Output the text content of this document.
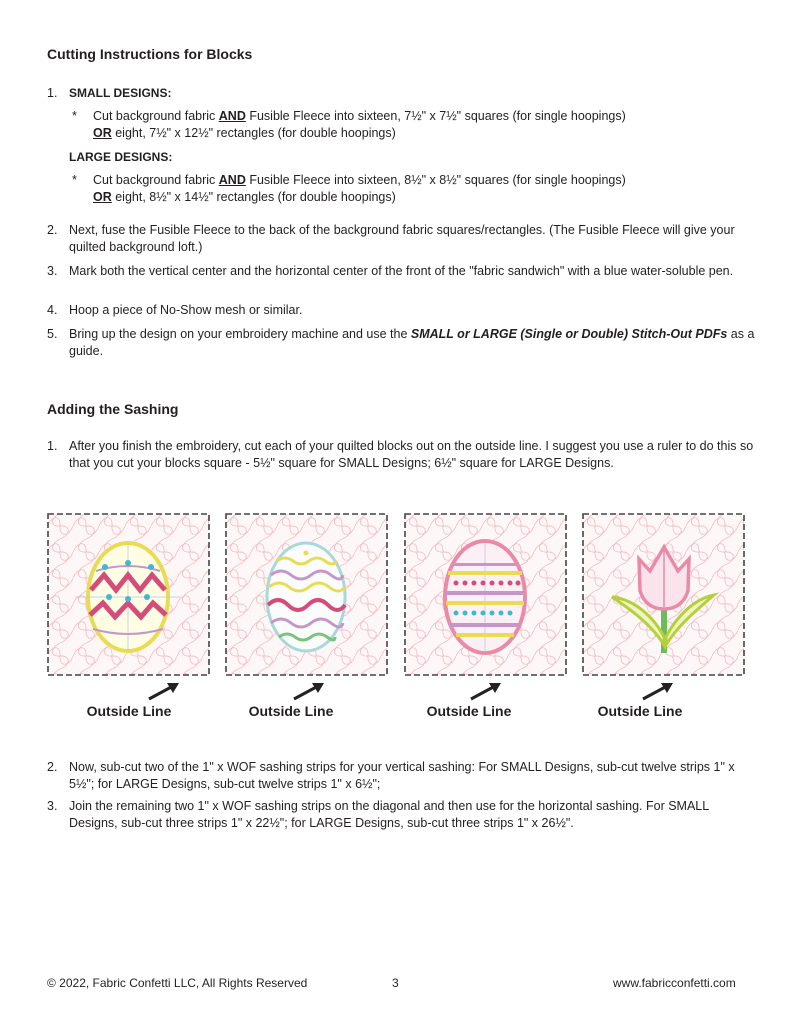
Cutting Instructions for Blocks
1. SMALL DESIGNS:
* Cut background fabric AND Fusible Fleece into sixteen, 7½" x 7½" squares (for single hoopings)
OR eight, 7½" x 12½" rectangles (for double hoopings)
LARGE DESIGNS:
* Cut background fabric AND Fusible Fleece into sixteen, 8½" x 8½" squares (for single hoopings)
OR eight, 8½" x 14½" rectangles (for double hoopings)
2. Next, fuse the Fusible Fleece to the back of the background fabric squares/rectangles. (The Fusible Fleece will give your quilted background loft.)
3. Mark both the vertical center and the horizontal center of the front of the "fabric sandwich" with a blue water-soluble pen.
4. Hoop a piece of No-Show mesh or similar.
5. Bring up the design on your embroidery machine and use the SMALL or LARGE (Single or Double) Stitch-Out PDFs as a guide.
Adding the Sashing
1. After you finish the embroidery, cut each of your quilted blocks out on the outside line. I suggest you use a ruler to do this so that you cut your blocks square - 5½" square for SMALL Designs; 6½" square for LARGE Designs.
Outside Line	Outside Line	Outside Line	Outside Line
2. Now, sub-cut two of the 1" x WOF sashing strips for your vertical sashing: For SMALL Designs, sub-cut twelve strips 1" x 5½"; for LARGE Designs, sub-cut twelve strips 1" x 6½";
3. Join the remaining two 1" x WOF sashing strips on the diagonal and then use for the horizontal sashing. For SMALL Designs, sub-cut three strips 1" x 22½"; for LARGE Designs, sub-cut three strips 1" x 26½".
© 2022, Fabric Confetti LLC, All Rights Reserved	3	www.fabricconfetti.com
